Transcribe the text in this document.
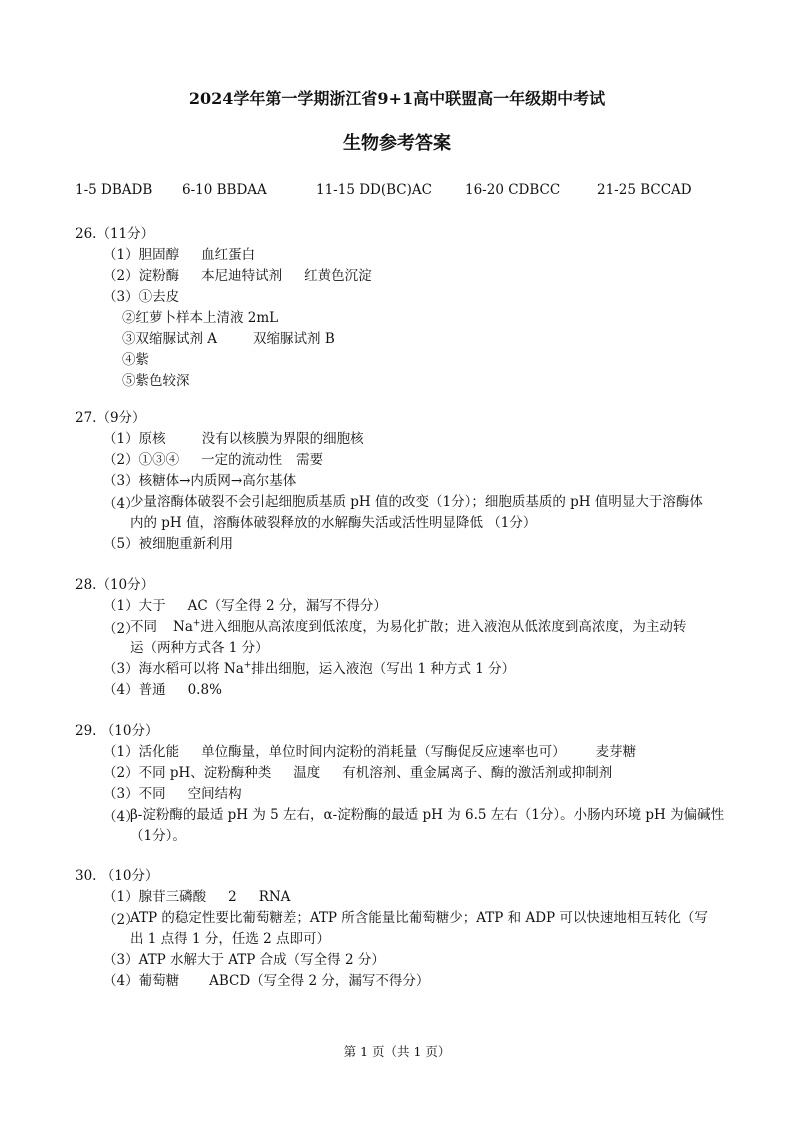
2024学年第一学期浙江省9+1高中联盟高一年级期中考试
生物参考答案
1-5 DBADB 6-10 BBDAA	11-15 DD(BC)AC 16-20 CDBCC	21-25 BCCAD
26.（11分）
（1）胆固醇 血红蛋白
（2）淀粉酶 本尼迪特试剂 红黄色沉淀
（3）①去皮
②红萝卜样本上清液 2mL
③双缩脲试剂 A	双缩脲试剂 B
④紫
⑤紫色较深
27.（9分）
（1）原核	没有以核膜为界限的细胞核
（2）①③④ 一定的流动性 需要
（3）核糖体→内质网→高尔基体
（4）
少量溶酶体破裂不会引起细胞质基质 pH 值的改变（1分）；细胞质基质的 pH 值明显大于溶酶体
内的 pH 值，溶酶体破裂释放的水解酶失活或活性明显降低 （1分）
（5）被细胞重新利用
28.（10分）
（1）大于 AC（写全得 2 分，漏写不得分）
（2）
不同 Na+进入细胞从高浓度到低浓度，为易化扩散；进入液泡从低浓度到高浓度，为主动转
运（两种方式各 1 分）
（3）海水稻可以将 Na+排出细胞，运入液泡（写出 1 种方式 1 分）
（4）普通 0.8%
29. （10分）
（1）活化能 单位酶量，单位时间内淀粉的消耗量（写酶促反应速率也可） 麦芽糖
（2）不同 pH、淀粉酶种类 温度 有机溶剂、重金属离子、酶的激活剂或抑制剂
（3）不同 空间结构
（4）
β-淀粉酶的最适 pH 为 5 左右，α-淀粉酶的最适 pH 为 6.5 左右（1分）。小肠内环境 pH 为偏碱性
（1分）。
30. （10分）
（1）腺苷三磷酸 2 RNA
（2）
ATP 的稳定性要比葡萄糖差；ATP 所含能量比葡萄糖少；ATP 和 ADP 可以快速地相互转化（写
出 1 点得 1 分，任选 2 点即可）
（3）ATP 水解大于 ATP 合成（写全得 2 分）
（4）葡萄糖 ABCD（写全得 2 分，漏写不得分）
第 1 页（共 1 页）
